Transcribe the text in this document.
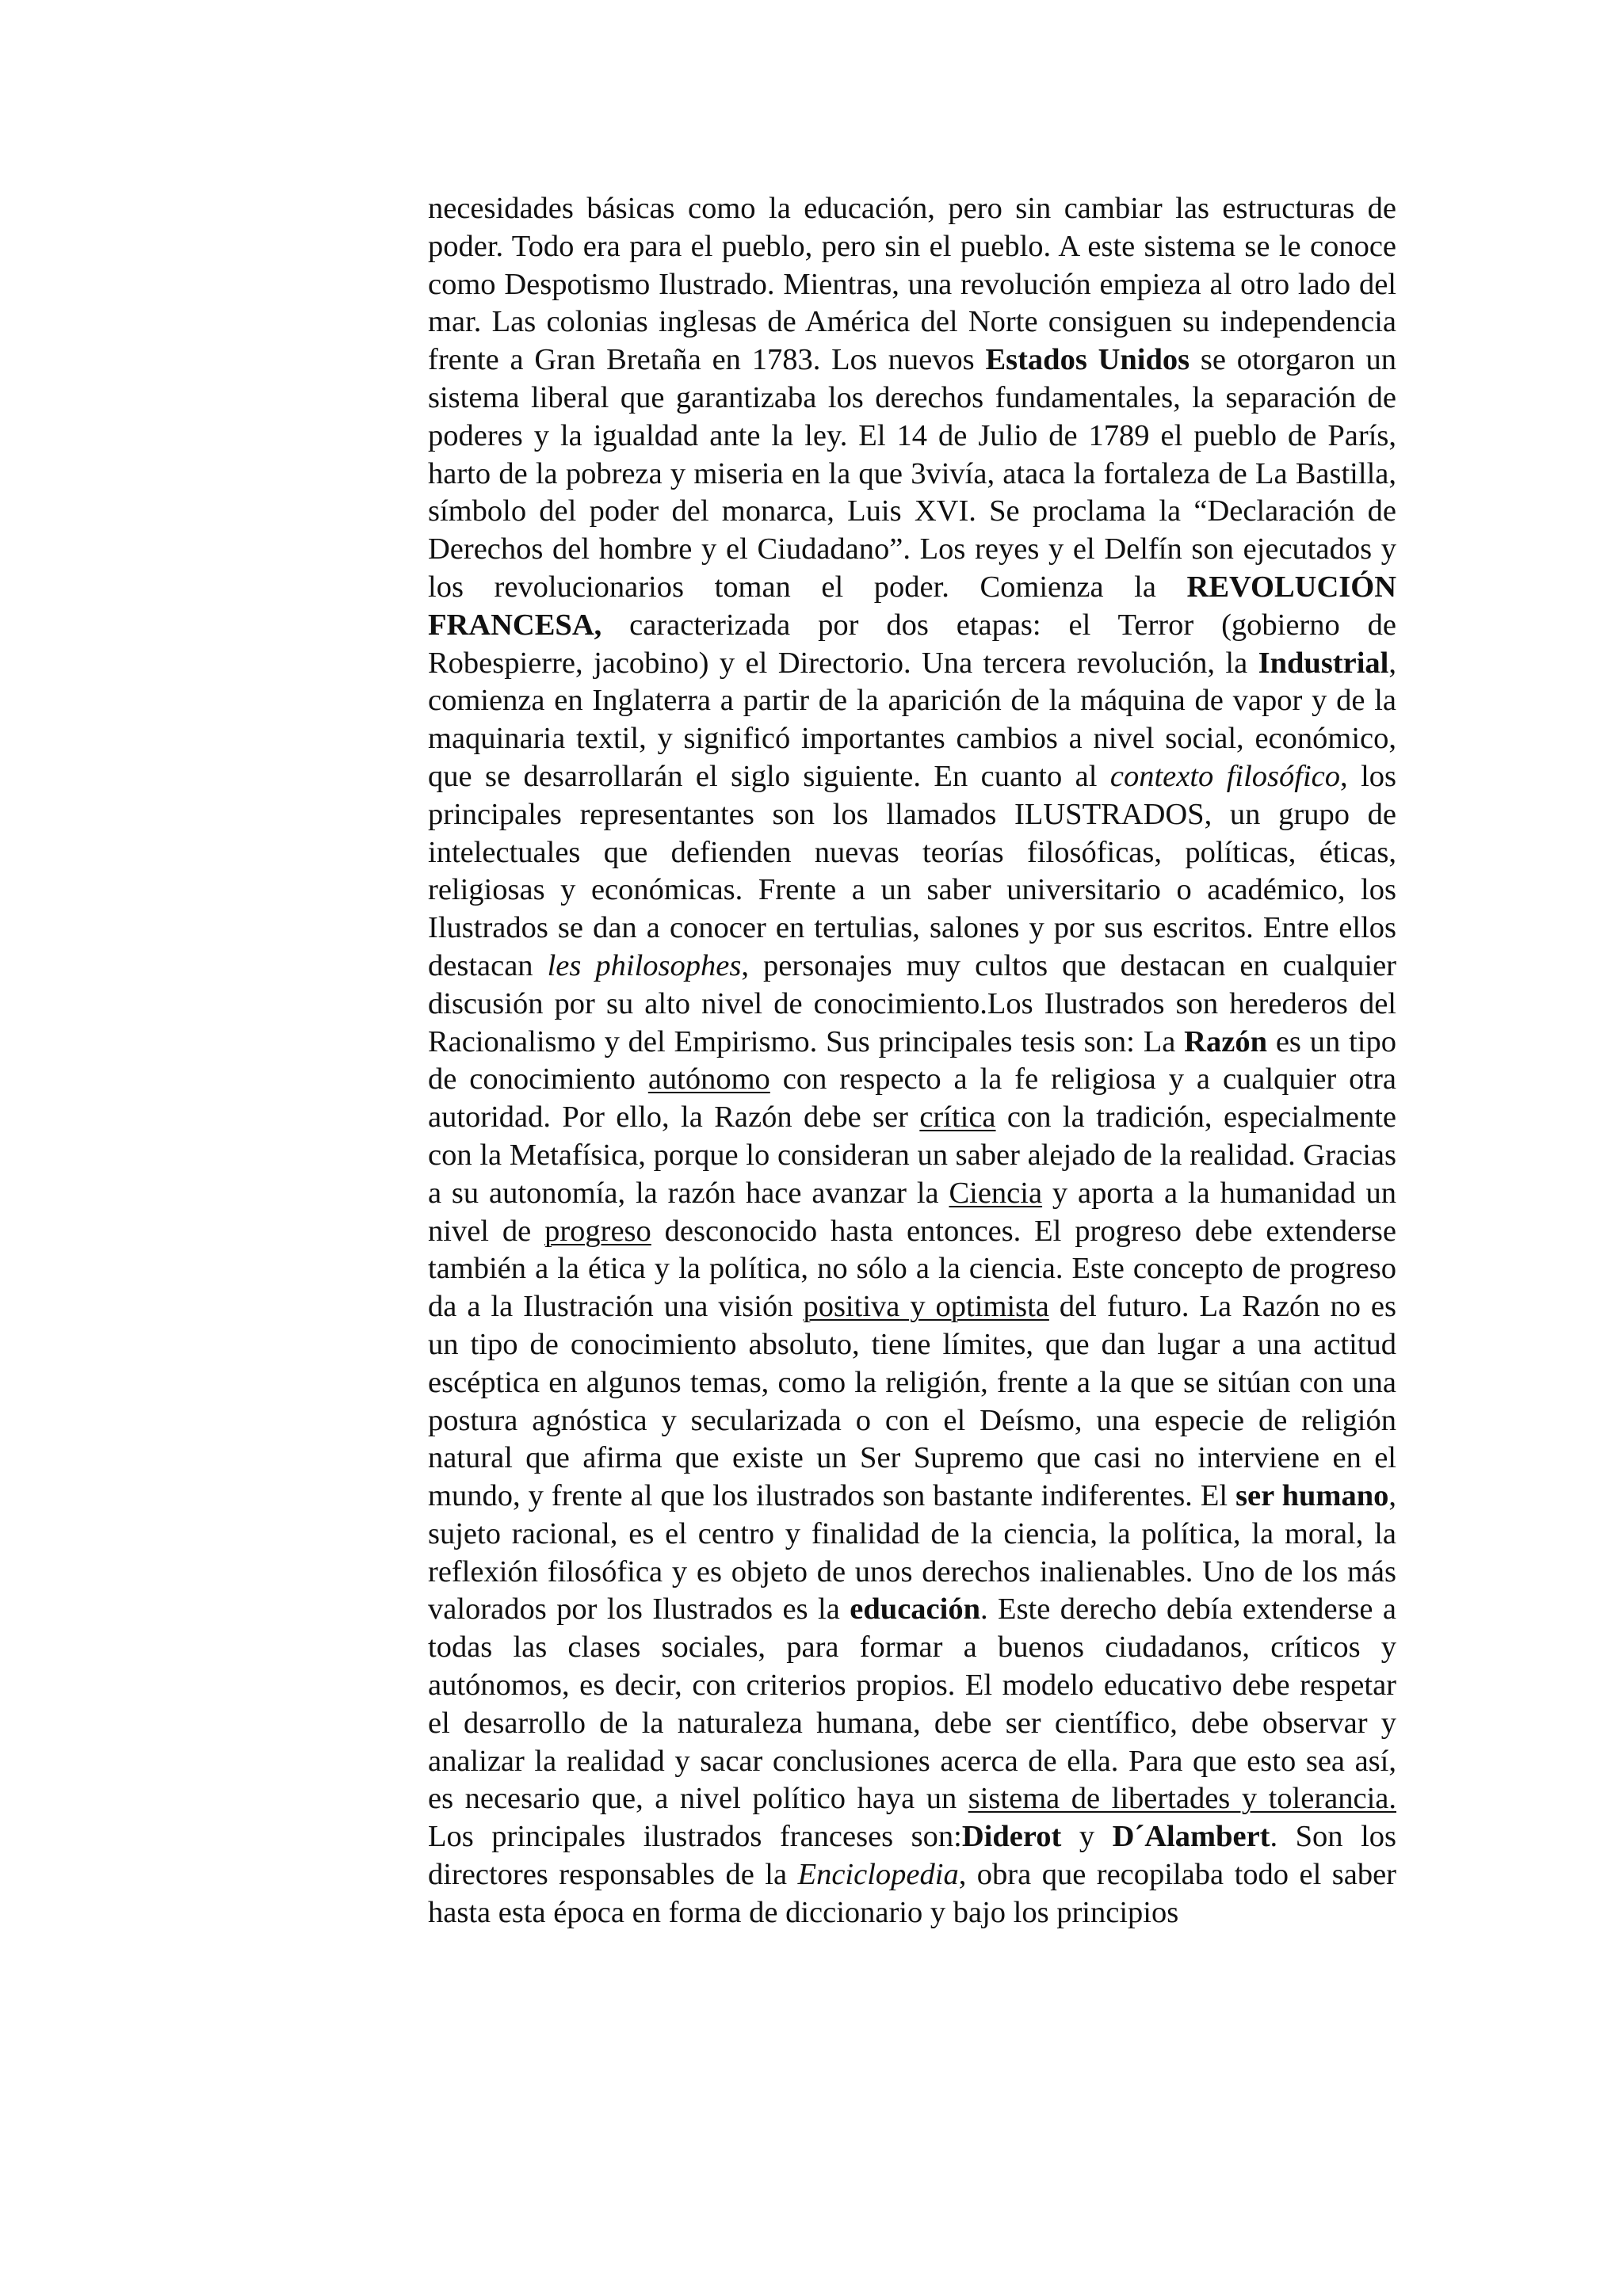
necesidades básicas como la educación, pero sin cambiar las estructuras de poder. Todo era para el pueblo, pero sin el pueblo. A este sistema se le conoce como Despotismo Ilustrado. Mientras, una revolución empieza al otro lado del mar. Las colonias inglesas de América del Norte consiguen su independencia frente a Gran Bretaña en 1783. Los nuevos Estados Unidos se otorgaron un sistema liberal que garantizaba los derechos fundamentales, la separación de poderes y la igualdad ante la ley. El 14 de Julio de 1789 el pueblo de París, harto de la pobreza y miseria en la que 3vivía, ataca la fortaleza de La Bastilla, símbolo del poder del monarca, Luis XVI. Se proclama la “Declaración de Derechos del hombre y el Ciudadano”. Los reyes y el Delfín son ejecutados y los revolucionarios toman el poder. Comienza la REVOLUCIÓN FRANCESA, caracterizada por dos etapas: el Terror (gobierno de Robespierre, jacobino) y el Directorio. Una tercera revolución, la Industrial, comienza en Inglaterra a partir de la aparición de la máquina de vapor y de la maquinaria textil, y significó importantes cambios a nivel social, económico, que se desarrollarán el siglo siguiente. En cuanto al contexto filosófico, los principales representantes son los llamados ILUSTRADOS, un grupo de intelectuales que defienden nuevas teorías filosóficas, políticas, éticas, religiosas y económicas. Frente a un saber universitario o académico, los Ilustrados se dan a conocer en tertulias, salones y por sus escritos. Entre ellos destacan les philosophes, personajes muy cultos que destacan en cualquier discusión por su alto nivel de conocimiento.Los Ilustrados son herederos del Racionalismo y del Empirismo. Sus principales tesis son: La Razón es un tipo de conocimiento autónomo con respecto a la fe religiosa y a cualquier otra autoridad. Por ello, la Razón debe ser crítica con la tradición, especialmente con la Metafísica, porque lo consideran un saber alejado de la realidad. Gracias a su autonomía, la razón hace avanzar la Ciencia y aporta a la humanidad un nivel de progreso desconocido hasta entonces. El progreso debe extenderse también a la ética y la política, no sólo a la ciencia. Este concepto de progreso da a la Ilustración una visión positiva y optimista del futuro. La Razón no es un tipo de conocimiento absoluto, tiene límites, que dan lugar a una actitud escéptica en algunos temas, como la religión, frente a la que se sitúan con una postura agnóstica y secularizada o con el Deísmo, una especie de religión natural que afirma que existe un Ser Supremo que casi no interviene en el mundo, y frente al que los ilustrados son bastante indiferentes. El ser humano, sujeto racional, es el centro y finalidad de la ciencia, la política, la moral, la reflexión filosófica y es objeto de unos derechos inalienables. Uno de los más valorados por los Ilustrados es la educación. Este derecho debía extenderse a todas las clases sociales, para formar a buenos ciudadanos, críticos y autónomos, es decir, con criterios propios. El modelo educativo debe respetar el desarrollo de la naturaleza humana, debe ser científico, debe observar y analizar la realidad y sacar conclusiones acerca de ella. Para que esto sea así, es necesario que, a nivel político haya un sistema de libertades y tolerancia. Los principales ilustrados franceses son:Diderot y D´Alambert. Son los directores responsables de la Enciclopedia, obra que recopilaba todo el saber hasta esta época en forma de diccionario y bajo los principios
